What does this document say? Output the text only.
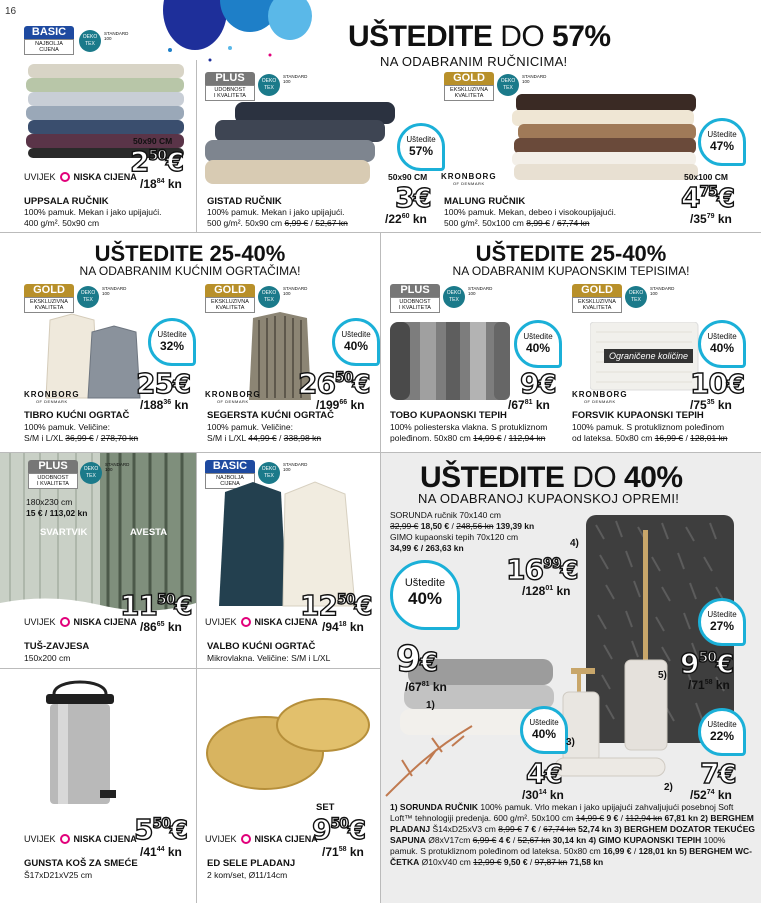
16
UŠTEDITE DO 57%
NA ODABRANIM RUČNICIMA!
BASIC
NAJBOLJA
CIJENA
OEKO TEX
STANDARD 100
50x90 CM
$2^{50}€$
$/18^{84}$ kn
UVIJEK NISKA CIJENA
UPPSALA RUČNIK
100% pamuk. Mekan i jako upijajući. 400 g/m². 50x90 cm
PLUS
UDOBNOST
I KVALITETA
OEKO TEX
STANDARD 100
Uštedite
57%
50x90 CM
3€
$/22^{60}$ kn
GISTAD RUČNIK
100% pamuk. Mekan i jako upijajući.
500 g/m². 50x90 cm 6,99 € / 52,67 kn
GOLD
EKSKLUZIVNA
KVALITETA
OEKO TEX
STANDARD 100
Uštedite
47%
50x100 CM
$4^{75}€$
$/35^{79}$ kn
KRONBORG
OF DENMARK
MALUNG RUČNIK
100% pamuk. Mekan, debeo i visokoupijajući.
500 g/m². 50x100 cm 8,99 € / 67,74 kn
UŠTEDITE 25-40%
NA ODABRANIM KUĆNIM OGRTAČIMA!
GOLD
EKSKLUZIVNA
KVALITETA
OEKO TEX
STANDARD 100
Uštedite
32%
25€
$/188^{36}$ kn
KRONBORG
OF DENMARK
TIBRO KUĆNI OGRTAČ
100% pamuk. Veličine:
S/M i L/XL 36,99 € / 278,70 kn
GOLD
EKSKLUZIVNA
KVALITETA
OEKO TEX
STANDARD 100
Uštedite
40%
$26^{50}€$
$/199^{66}$ kn
KRONBORG
OF DENMARK
SEGERSTA KUĆNI OGRTAČ
100% pamuk. Veličine:
S/M i L/XL 44,99 € / 338,98 kn
UŠTEDITE 25-40%
NA ODABRANIM KUPAONSKIM TEPISIMA!
PLUS
UDOBNOST
I KVALITETA
OEKO TEX
STANDARD 100
Uštedite
40%
9€
$/67^{81}$ kn
TOBO KUPAONSKI TEPIH
100% poliesterska vlakna. S protukliznom
poleđinom. 50x80 cm 14,99 € / 112,94 kn
GOLD
EKSKLUZIVNA
KVALITETA
OEKO TEX
STANDARD 100
Ograničene količine
Uštedite
40%
10€
$/75^{35}$ kn
KRONBORG
OF DENMARK
FORSVIK KUPAONSKI TEPIH
100% pamuk. S protukliznom poleđinom
od lateksa. 50x80 cm 16,99 € / 128,01 kn
PLUS
UDOBNOST
I KVALITETA
OEKO TEX
STANDARD 100
180x230 cm
15 € / 113,02 kn
SVARTVIK	AVESTA
$11^{50}€$
$/86^{65}$ kn
UVIJEK NISKA CIJENA
TUŠ-ZAVJESA
150x200 cm
BASIC
NAJBOLJA
CIJENA
OEKO TEX
STANDARD 100
$12^{50}€$
$/94^{18}$ kn
UVIJEK NISKA CIJENA
VALBO KUĆNI OGRTAČ
Mikrovlakna. Veličine: S/M i L/XL
$5^{50}€$
$/41^{44}$ kn
UVIJEK NISKA CIJENA
GUNSTA KOŠ ZA SMEĆE
Š17xD21xV25 cm
SET
$9^{50}€$
$/71^{58}$ kn
UVIJEK NISKA CIJENA
ED SELE PLADANJ
2 kom/set, Ø11/14cm
UŠTEDITE DO 40%
NA ODABRANOJ KUPAONSKOJ OPREMI!
SORUNDA ručnik 70x140 cm
32,99 € 18,50 € / 248,56 kn 139,39 kn
GIMO kupaonski tepih 70x120 cm
34,99 € / 263,63 kn
Uštedite
40%
9€
$/67^{81}$ kn
1)
4)
$16^{99}€$
$/128^{01}$ kn
Uštedite
27%
$9^{50}€$
$/71^{58}$ kn
5)
Uštedite
40%
3)
4€
$/30^{14}$ kn
Uštedite
22%
7€
$/52^{74}$ kn
2)
1) SORUNDA RUČNIK 100% pamuk. Vrlo mekan i jako upijajući zahvaljujući posebnoj Soft Loft™ tehnologiji predenja. 600 g/m². 50x100 cm 14,99 € 9 € / 112,94 kn 67,81 kn 2) BERGHEM PLADANJ Š14xD25xV3 cm 8,99 € 7 € / 67,74 kn 52,74 kn 3) BERGHEM DOZATOR TEKUĆEG SAPUNA Ø8xV17cm 6,99 € 4 € / 52,67 kn 30,14 kn 4) GIMO KUPAONSKI TEPIH 100% pamuk. S protukliznom poleđinom od lateksa. 50x80 cm 16,99 € / 128,01 kn 5) BERGHEM WC-ČETKA Ø10xV40 cm 12,99 € 9,50 € / 97,87 kn 71,58 kn
